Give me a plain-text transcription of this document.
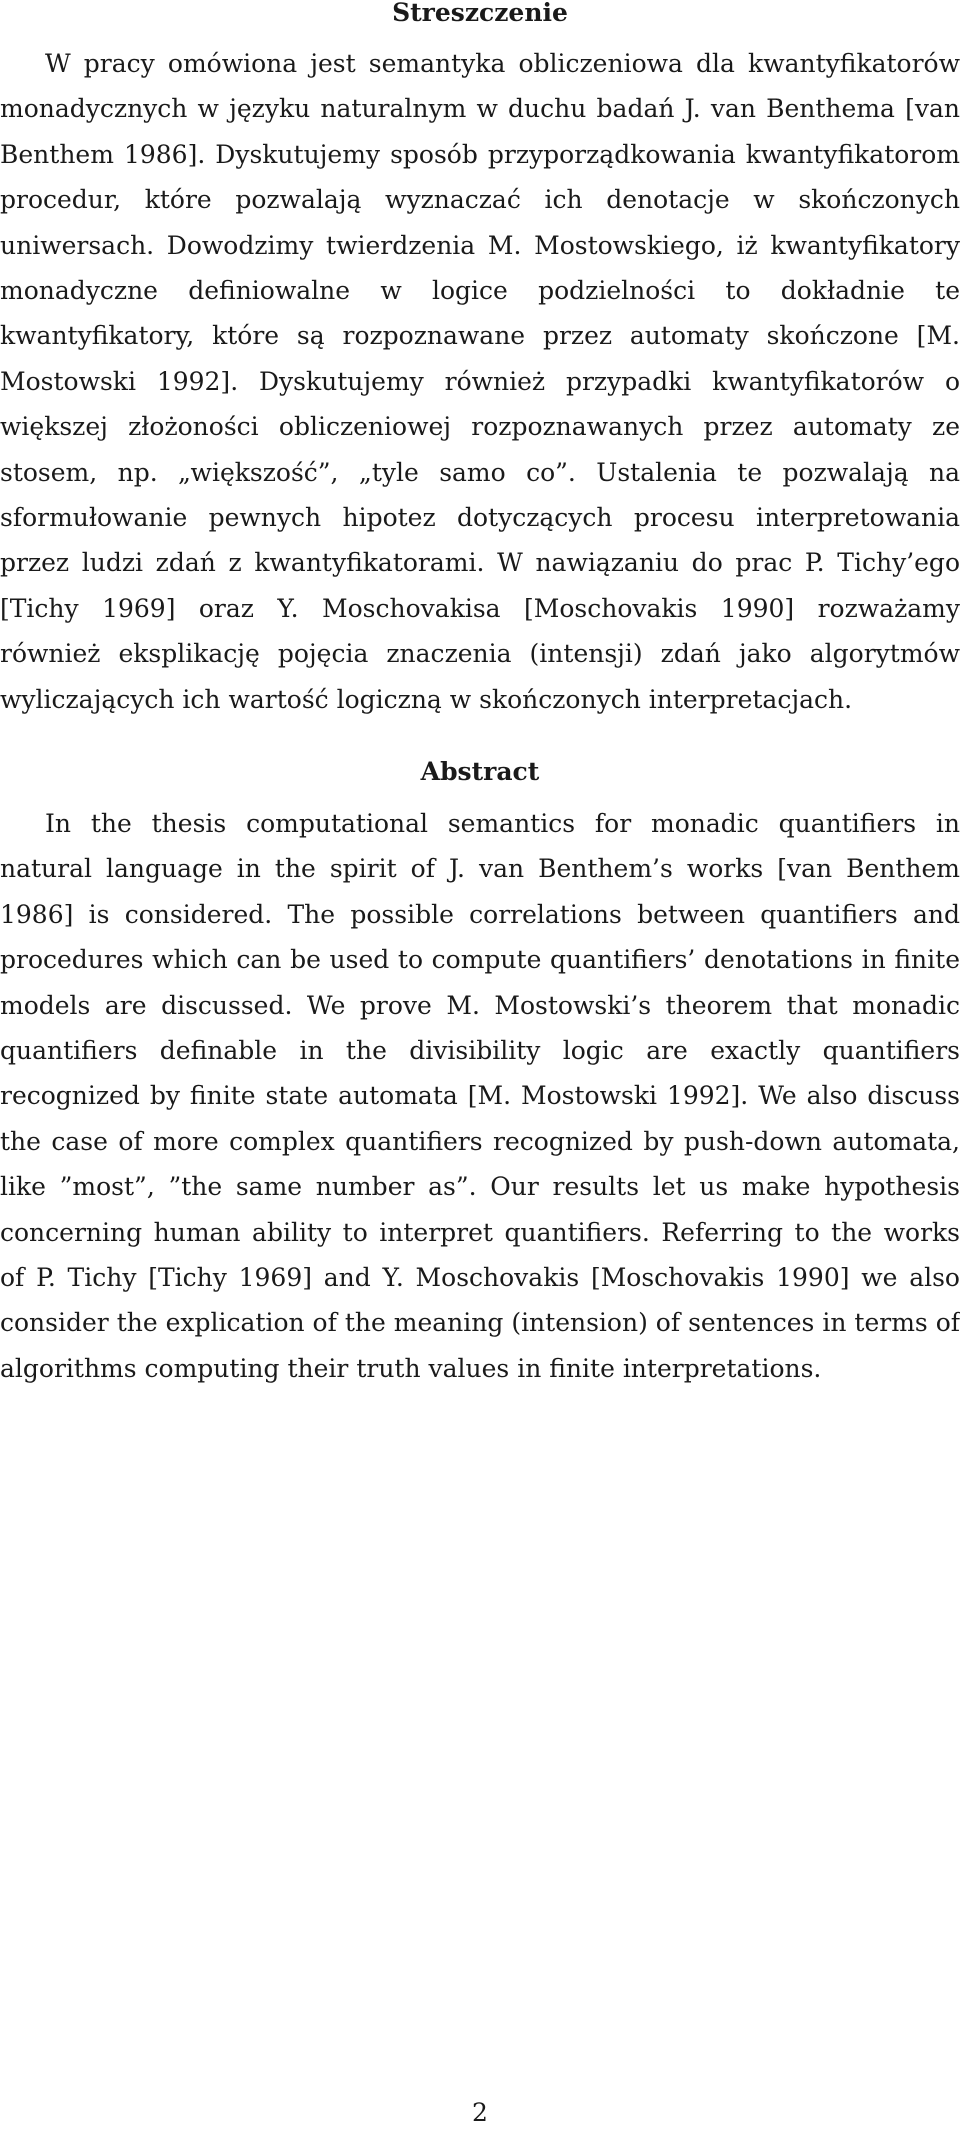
Streszczenie

W pracy omówiona jest semantyka obliczeniowa dla kwantyfikatorów monadycznych w języku naturalnym w duchu badań J. van Benthema [van Benthem 1986]. Dyskutujemy sposób przyporządkowania kwantyfikatorom procedur, które pozwalają wyznaczać ich denotacje w skończonych uniwersach. Dowodzimy twierdzenia M. Mostowskiego, iż kwantyfikatory monadyczne definiowalne w logice podzielności to dokładnie te kwantyfikatory, które są rozpoznawane przez automaty skończone [M. Mostowski 1992]. Dyskutujemy również przypadki kwantyfikatorów o większej złożoności obliczeniowej rozpoznawanych przez automaty ze stosem, np. „większość”, „tyle samo co”. Ustalenia te pozwalają na sformułowanie pewnych hipotez dotyczących procesu interpretowania przez ludzi zdań z kwantyfikatorami. W nawiązaniu do prac P. Tichy’ego [Tichy 1969] oraz Y. Moschovakisa [Moschovakis 1990] rozważamy również eksplikację pojęcia znaczenia (intensji) zdań jako algorytmów wyliczających ich wartość logiczną w skończonych interpretacjach.

Abstract

In the thesis computational semantics for monadic quantifiers in natural language in the spirit of J. van Benthem’s works [van Benthem 1986] is considered. The possible correlations between quantifiers and procedures which can be used to compute quantifiers’ denotations in finite models are discussed. We prove M. Mostowski’s theorem that monadic quantifiers definable in the divisibility logic are exactly quantifiers recognized by finite state automata [M. Mostowski 1992]. We also discuss the case of more complex quantifiers recognized by push-down automata, like ”most”, ”the same number as”. Our results let us make hypothesis concerning human ability to interpret quantifiers. Referring to the works of P. Tichy [Tichy 1969] and Y. Moschovakis [Moschovakis 1990] we also consider the explication of the meaning (intension) of sentences in terms of algorithms computing their truth values in finite interpretations.

2
